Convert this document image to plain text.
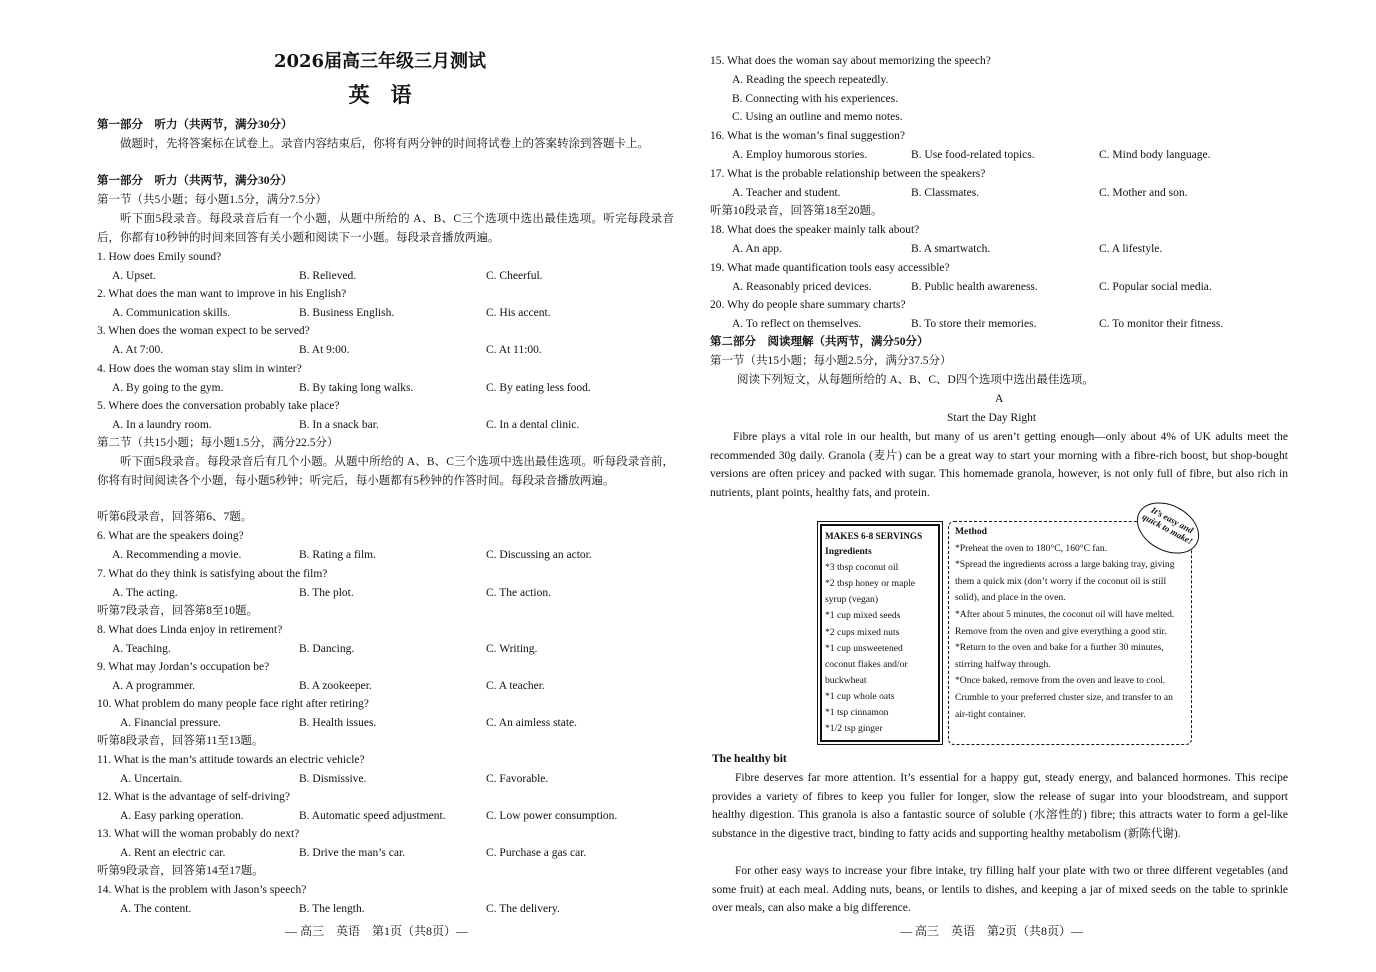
2026届高三年级三月测试
英　语
第一部分　听力（共两节，满分30分）
做题时，先将答案标在试卷上。录音内容结束后，你将有两分钟的时间将试卷上的答案转涂到答题卡上。
第一部分　听力（共两节，满分30分）
第一节（共5小题；每小题1.5分，满分7.5分）
听下面5段录音。每段录音后有一个小题，从题中所给的 A、B、C三个选项中选出最佳选项。听完每段录音后，你都有10秒钟的时间来回答有关小题和阅读下一小题。每段录音播放两遍。
1. How does Emily sound?
A. Upset.	B. Relieved.	C. Cheerful.
2. What does the man want to improve in his English?
A. Communication skills.	B. Business English.	C. His accent.
3. When does the woman expect to be served?
A. At 7:00.	B. At 9:00.	C. At 11:00.
4. How does the woman stay slim in winter?
A. By going to the gym.	B. By taking long walks.	C. By eating less food.
5. Where does the conversation probably take place?
A. In a laundry room.	B. In a snack bar.	C. In a dental clinic.
第二节（共15小题；每小题1.5分，满分22.5分）
听下面5段录音。每段录音后有几个小题。从题中所给的 A、B、C三个选项中选出最佳选项。听每段录音前，你将有时间阅读各个小题，每小题5秒钟；听完后，每小题都有5秒钟的作答时间。每段录音播放两遍。
听第6段录音，回答第6、7题。
6. What are the speakers doing?
A. Recommending a movie.	B. Rating a film.	C. Discussing an actor.
7. What do they think is satisfying about the film?
A. The acting.	B. The plot.	C. The action.
听第7段录音，回答第8至10题。
8. What does Linda enjoy in retirement?
A. Teaching.	B. Dancing.	C. Writing.
9. What may Jordan’s occupation be?
A. A programmer.	B. A zookeeper.	C. A teacher.
10. What problem do many people face right after retiring?
A. Financial pressure.	B. Health issues.	C. An aimless state.
听第8段录音，回答第11至13题。
11. What is the man’s attitude towards an electric vehicle?
A. Uncertain.	B. Dismissive.	C. Favorable.
12. What is the advantage of self-driving?
A. Easy parking operation.	B. Automatic speed adjustment.	C. Low power consumption.
13. What will the woman probably do next?
A. Rent an electric car.	B. Drive the man’s car.	C. Purchase a gas car.
听第9段录音，回答第14至17题。
14. What is the problem with Jason’s speech?
A. The content.	B. The length.	C. The delivery.
— 高三　英语　第1页（共8页）—
15. What does the woman say about memorizing the speech?
A. Reading the speech repeatedly.
B. Connecting with his experiences.
C. Using an outline and memo notes.
16. What is the woman’s final suggestion?
A. Employ humorous stories.	B. Use food-related topics.	C. Mind body language.
17. What is the probable relationship between the speakers?
A. Teacher and student.	B. Classmates.	C. Mother and son.
听第10段录音，回答第18至20题。
18. What does the speaker mainly talk about?
A. An app.	B. A smartwatch.	C. A lifestyle.
19. What made quantification tools easy accessible?
A. Reasonably priced devices.	B. Public health awareness.	C. Popular social media.
20. Why do people share summary charts?
A. To reflect on themselves.	B. To store their memories.	C. To monitor their fitness.
第二部分　阅读理解（共两节，满分50分）
第一节（共15小题；每小题2.5分，满分37.5分）
阅读下列短文，从每题所给的 A、B、C、D四个选项中选出最佳选项。
A
Start the Day Right
Fibre plays a vital role in our health, but many of us aren’t getting enough—only about 4% of UK adults meet the recommended 30g daily. Granola (麦片) can be a great way to start your morning with a fibre-rich boost, but shop-bought versions are often pricey and packed with sugar. This homemade granola, however, is not only full of fibre, but also rich in nutrients, plant points, healthy fats, and protein.
MAKES 6-8 SERVINGS
Ingredients
*3 tbsp coconut oil
*2 tbsp honey or maple syrup (vegan)
*1 cup mixed seeds
*2 cups mixed nuts
*1 cup unsweetened coconut flakes and/or buckwheat
*1 cup whole oats
*1 tsp cinnamon
*1/2 tsp ginger
Method
*Preheat the oven to 180°C, 160°C fan.
*Spread the ingredients across a large baking tray, giving them a quick mix (don’t worry if the coconut oil is still solid), and place in the oven.
*After about 5 minutes, the coconut oil will have melted. Remove from the oven and give everything a good stir.
*Return to the oven and bake for a further 30 minutes, stirring halfway through.
*Once baked, remove from the oven and leave to cool. Crumble to your preferred cluster size, and transfer to an air-tight container.
It’s easy and quick to make!
The healthy bit
Fibre deserves far more attention. It’s essential for a happy gut, steady energy, and balanced hormones. This recipe provides a variety of fibres to keep you fuller for longer, slow the release of sugar into your bloodstream, and support healthy digestion. This granola is also a fantastic source of soluble (水溶性的) fibre; this attracts water to form a gel-like substance in the digestive tract, binding to fatty acids and supporting healthy metabolism (新陈代谢).
For other easy ways to increase your fibre intake, try filling half your plate with two or three different vegetables (and some fruit) at each meal. Adding nuts, beans, or lentils to dishes, and keeping a jar of mixed seeds on the table to sprinkle over meals, can also make a big difference.
— 高三　英语　第2页（共8页）—
